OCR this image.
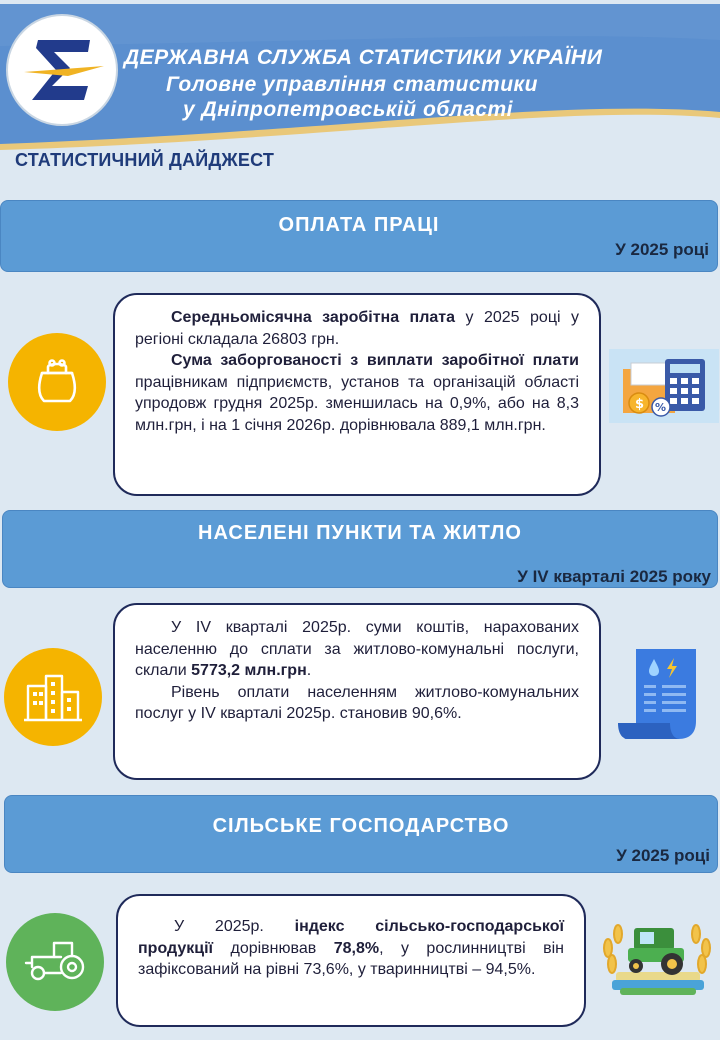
ДЕРЖАВНА СЛУЖБА СТАТИСТИКИ УКРАЇНИ
Головне управління статистики
у Дніпропетровській області
СТАТИСТИЧНИЙ ДАЙДЖЕСТ
ОПЛАТА ПРАЦІ
У 2025 році

Середньомісячна заробітна плата у 2025 році у регіоні складала 26803 грн.

Сума заборгованості з виплати заробітної плати працівникам підприємств, установ та організацій області упродовж грудня 2025р. зменшилась на 0,9%, або на 8,3 млн.грн, і на 1 січня 2026р. дорівнювала 889,1 млн.грн.

$ %
НАСЕЛЕНІ ПУНКТИ ТА ЖИТЛО
У IV кварталі 2025 року

У IV кварталі 2025р. суми коштів, нарахованих населенню до сплати за житлово-комунальні послуги, склали 5773,2 млн.грн.

Рівень оплати населенням житлово-комунальних послуг у IV кварталі 2025р. становив 90,6%.

СІЛЬСЬКЕ ГОСПОДАРСТВО
У 2025 році

У 2025р. індекс сільсько-господарської продукції дорівнював 78,8%, у рослинництві він зафіксований на рівні 73,6%, у тваринництві – 94,5%.
